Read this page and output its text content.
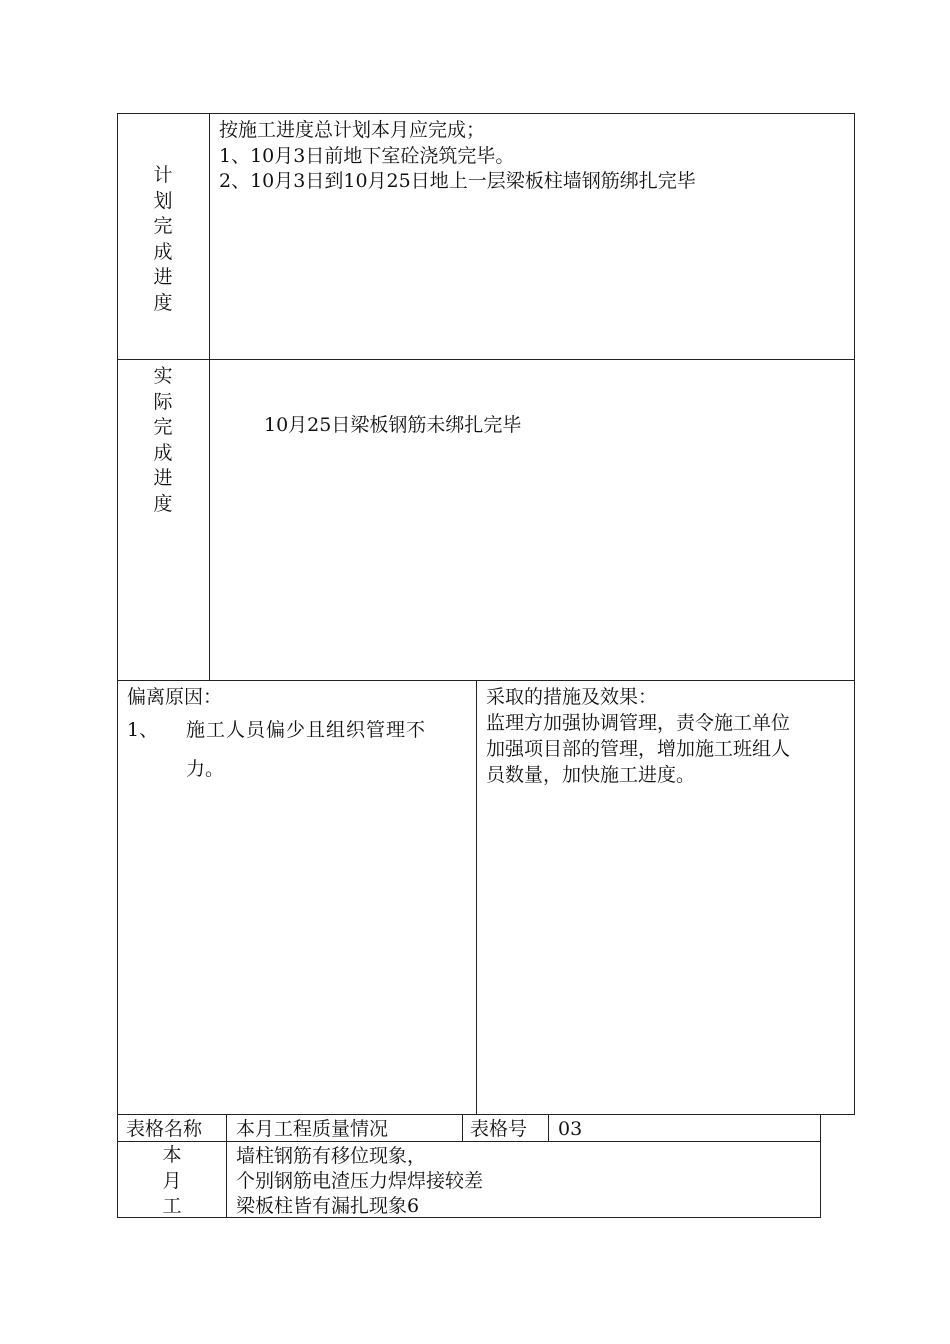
计
划
完
成
进
度
按施工进度总计划本月应完成；
1、10月3日前地下室砼浇筑完毕。
2、10月3日到10月25日地上一层梁板柱墙钢筋绑扎完毕
实
际
完
成
进
度
10月25日梁板钢筋未绑扎完毕
偏离原因：
1、 施工人员偏少且组织管理不
力。
采取的措施及效果：
监理方加强协调管理，责令施工单位
加强项目部的管理，增加施工班组人
员数量，加快施工进度。
表格名称 本月工程质量情况	表格号 03
本
月
工
墙柱钢筋有移位现象，
个别钢筋电渣压力焊焊接较差
梁板柱皆有漏扎现象6
